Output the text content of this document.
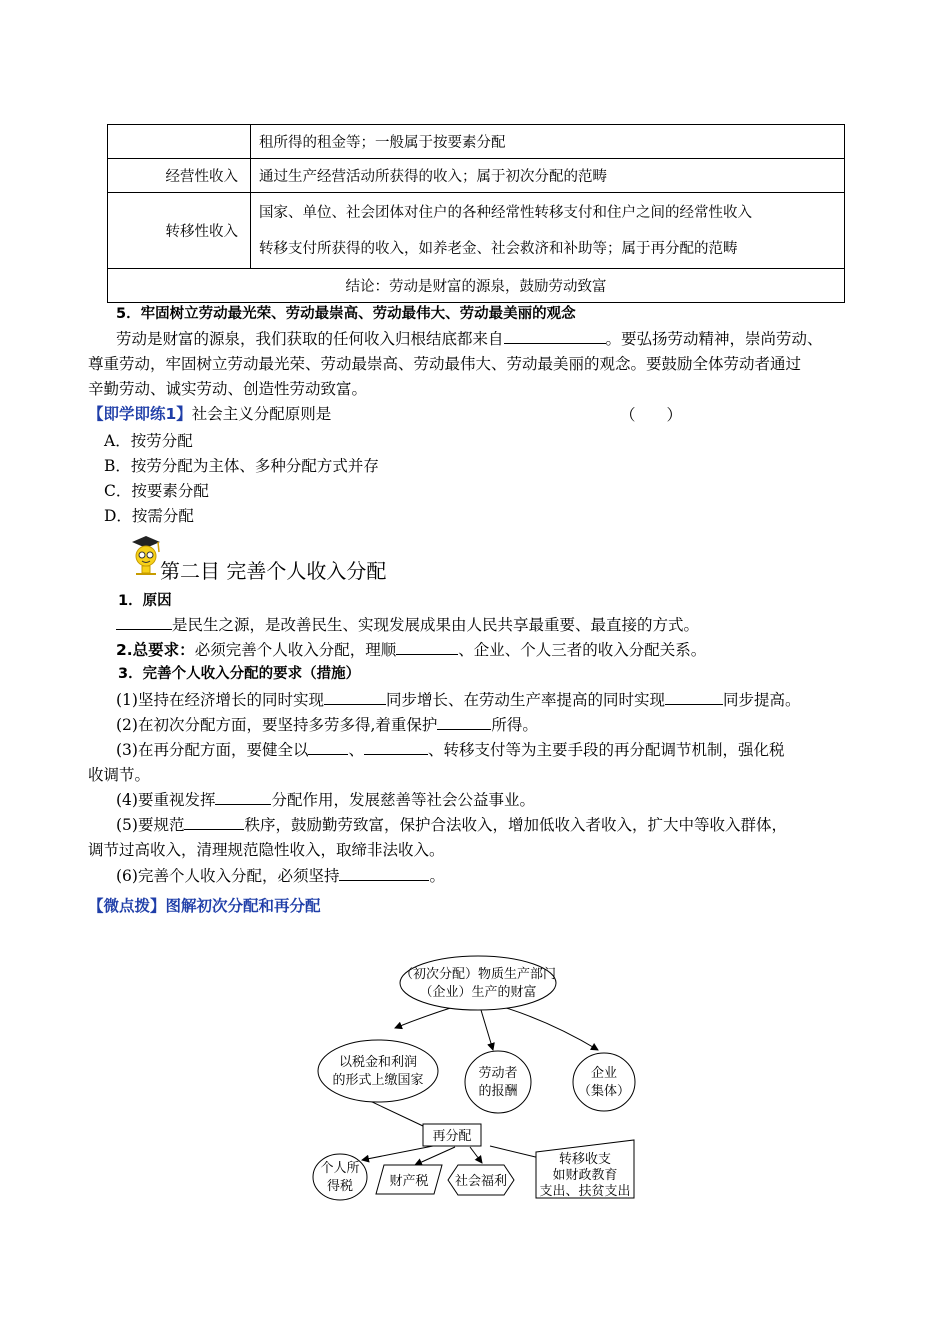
	租所得的租金等；一般属于按要素分配
经营性收入	通过生产经营活动所获得的收入；属于初次分配的范畴
转移性收入	国家、单位、社会团体对住户的各种经常性转移支付和住户之间的经常性收入
转移支付所获得的收入，如养老金、社会救济和补助等；属于再分配的范畴

结论：劳动是财富的源泉，鼓励劳动致富	
5．牢固树立劳动最光荣、劳动最崇高、劳动最伟大、劳动最美丽的观念
劳动是财富的源泉，我们获取的任何收入归根结底都来自	。要弘扬劳动精神，崇尚劳动、
尊重劳动，牢固树立劳动最光荣、劳动最崇高、劳动最伟大、劳动最美丽的观念。要鼓励全体劳动者通过
辛勤劳动、诚实劳动、创造性劳动致富。
【即学即练1】社会主义分配原则是	（　　）
A．按劳分配
B．按劳分配为主体、多种分配方式并存
C．按要素分配
D．按需分配
第二目 完善个人收入分配
1．原因
是民生之源，是改善民生、实现发展成果由人民共享最重要、最直接的方式。
2.总要求：必须完善个人收入分配，理顺	、企业、个人三者的收入分配关系。
3．完善个人收入分配的要求（措施）
(1)坚持在经济增长的同时实现	同步增长、在劳动生产率提高的同时实现	同步提高。
(2)在初次分配方面，要坚持多劳多得,着重保护	所得。
(3)在再分配方面，要健全以	、	、转移支付等为主要手段的再分配调节机制，强化税
收调节。
(4)要重视发挥	分配作用，发展慈善等社会公益事业。
(5)要规范	秩序，鼓励勤劳致富，保护合法收入，增加低收入者收入，扩大中等收入群体，
调节过高收入，清理规范隐性收入，取缔非法收入。
(6)完善个人收入分配，必须坚持	。
【微点拨】图解初次分配和再分配
（初次分配）物质生产部门
（企业）生产的财富
以税金和利润
的形式上缴国家	劳动者
的报酬
企业
（集体）
再分配
个人所
得税	财产税 社会福利
转移收支
如财政教育
支出、扶贫支出
